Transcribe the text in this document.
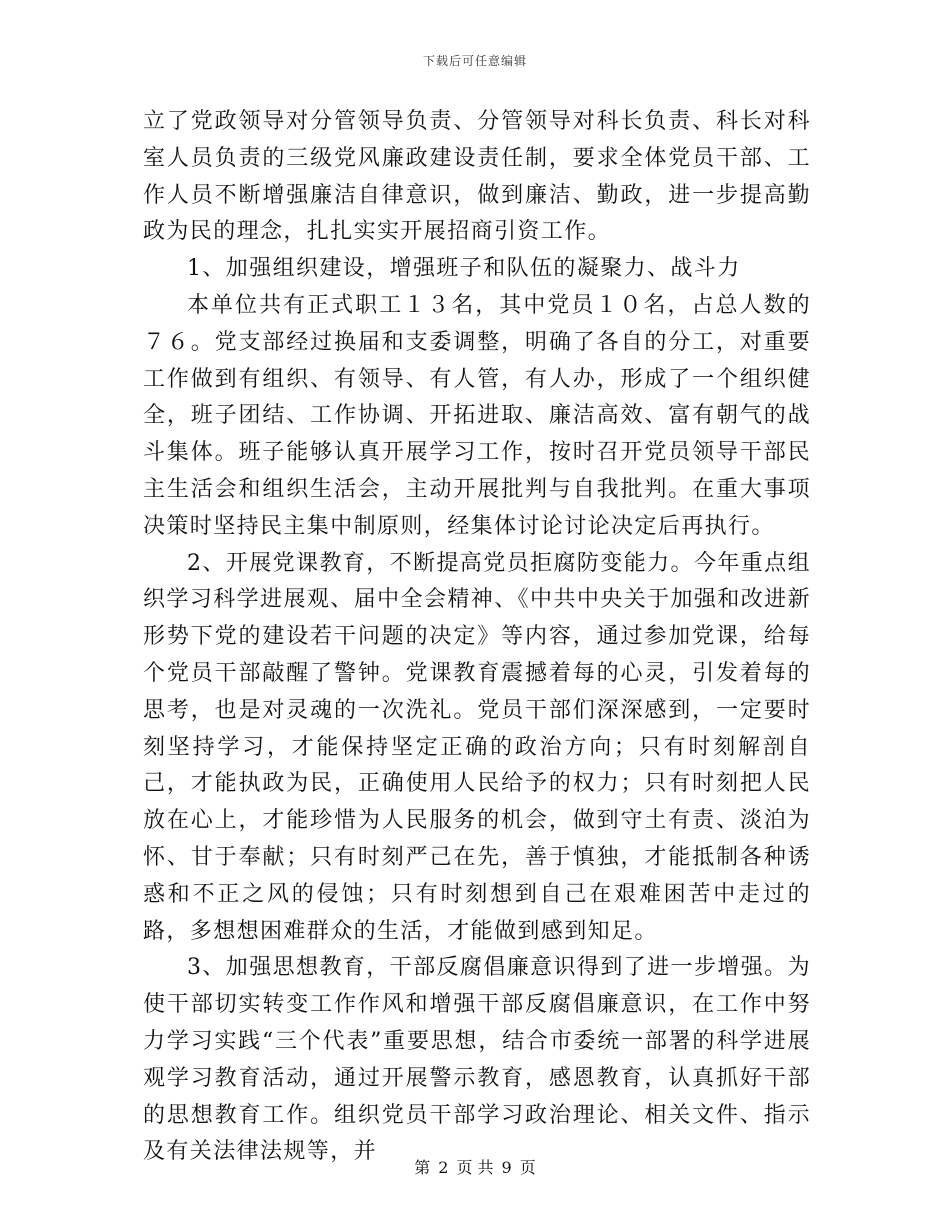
下载后可任意编辑

立了党政领导对分管领导负责、分管领导对科长负责、科长对科室人员负责的三级党风廉政建设责任制，要求全体党员干部、工作人员不断增强廉洁自律意识，做到廉洁、勤政，进一步提高勤政为民的理念，扎扎实实开展招商引资工作。

1、加强组织建设，增强班子和队伍的凝聚力、战斗力

本单位共有正式职工１３名，其中党员１０名，占总人数的７６。党支部经过换届和支委调整，明确了各自的分工，对重要工作做到有组织、有领导、有人管，有人办，形成了一个组织健全，班子团结、工作协调、开拓进取、廉洁高效、富有朝气的战斗集体。班子能够认真开展学习工作，按时召开党员领导干部民主生活会和组织生活会，主动开展批判与自我批判。在重大事项决策时坚持民主集中制原则，经集体讨论讨论决定后再执行。

2、开展党课教育，不断提高党员拒腐防变能力。今年重点组织学习科学进展观、届中全会精神、《中共中央关于加强和改进新形势下党的建设若干问题的决定》等内容，通过参加党课，给每个党员干部敲醒了警钟。党课教育震撼着每的心灵，引发着每的思考，也是对灵魂的一次洗礼。党员干部们深深感到，一定要时刻坚持学习，才能保持坚定正确的政治方向；只有时刻解剖自己，才能执政为民，正确使用人民给予的权力；只有时刻把人民放在心上，才能珍惜为人民服务的机会，做到守土有责、淡泊为怀、甘于奉献；只有时刻严己在先，善于慎独，才能抵制各种诱惑和不正之风的侵蚀；只有时刻想到自己在艰难困苦中走过的路，多想想困难群众的生活，才能做到感到知足。

3、加强思想教育，干部反腐倡廉意识得到了进一步增强。为使干部切实转变工作作风和增强干部反腐倡廉意识，在工作中努力学习实践“三个代表”重要思想，结合市委统一部署的科学进展观学习教育活动，通过开展警示教育，感恩教育，认真抓好干部的思想教育工作。组织党员干部学习政治理论、相关文件、指示及有关法律法规等，并

第 2 页 共 9 页
